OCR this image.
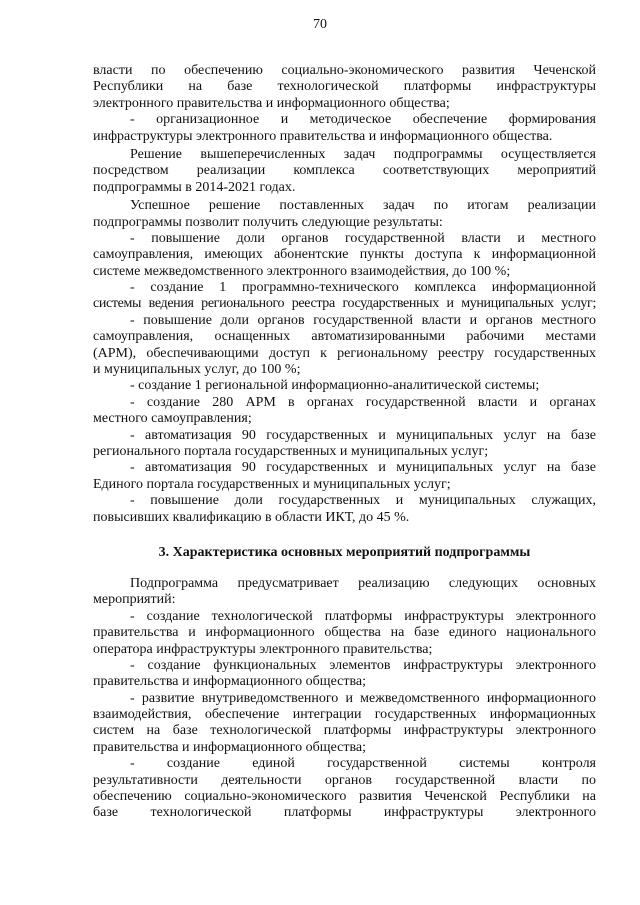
70
власти по обеспечению социально-экономического развития Чеченской
Республики на базе технологической платформы инфраструктуры
электронного правительства и информационного общества;
- организационное и методическое обеспечение формирования
инфраструктуры электронного правительства и информационного общества.
Решение вышеперечисленных задач подпрограммы осуществляется
посредством реализации комплекса соответствующих мероприятий
подпрограммы в 2014-2021 годах.
Успешное решение поставленных задач по итогам реализации
подпрограммы позволит получить следующие результаты:
- повышение доли органов государственной власти и местного
самоуправления, имеющих абонентские пункты доступа к информационной
системе межведомственного электронного взаимодействия, до 100 %;
- создание 1 программно-технического комплекса информационной
системы ведения регионального реестра государственных и муниципальных услуг;
- повышение доли органов государственной власти и органов местного
самоуправления, оснащенных автоматизированными рабочими местами
(АРМ), обеспечивающими доступ к региональному реестру государственных
и муниципальных услуг, до 100 %;
- создание 1 региональной информационно-аналитической системы;
- создание 280 АРМ в органах государственной власти и органах
местного самоуправления;
- автоматизация 90 государственных и муниципальных услуг на базе
регионального портала государственных и муниципальных услуг;
- автоматизация 90 государственных и муниципальных услуг на базе
Единого портала государственных и муниципальных услуг;
- повышение доли государственных и муниципальных служащих,
повысивших квалификацию в области ИКТ, до 45 %.
3. Характеристика основных мероприятий подпрограммы
Подпрограмма предусматривает реализацию следующих основных
мероприятий:
- создание технологической платформы инфраструктуры электронного
правительства и информационного общества на базе единого национального
оператора инфраструктуры электронного правительства;
- создание функциональных элементов инфраструктуры электронного
правительства и информационного общества;
- развитие внутриведомственного и межведомственного информационного
взаимодействия, обеспечение интеграции государственных информационных
систем на базе технологической платформы инфраструктуры электронного
правительства и информационного общества;
- создание единой государственной системы контроля
результативности деятельности органов государственной власти по
обеспечению социально-экономического развития Чеченской Республики на
базе технологической платформы инфраструктуры электронного
